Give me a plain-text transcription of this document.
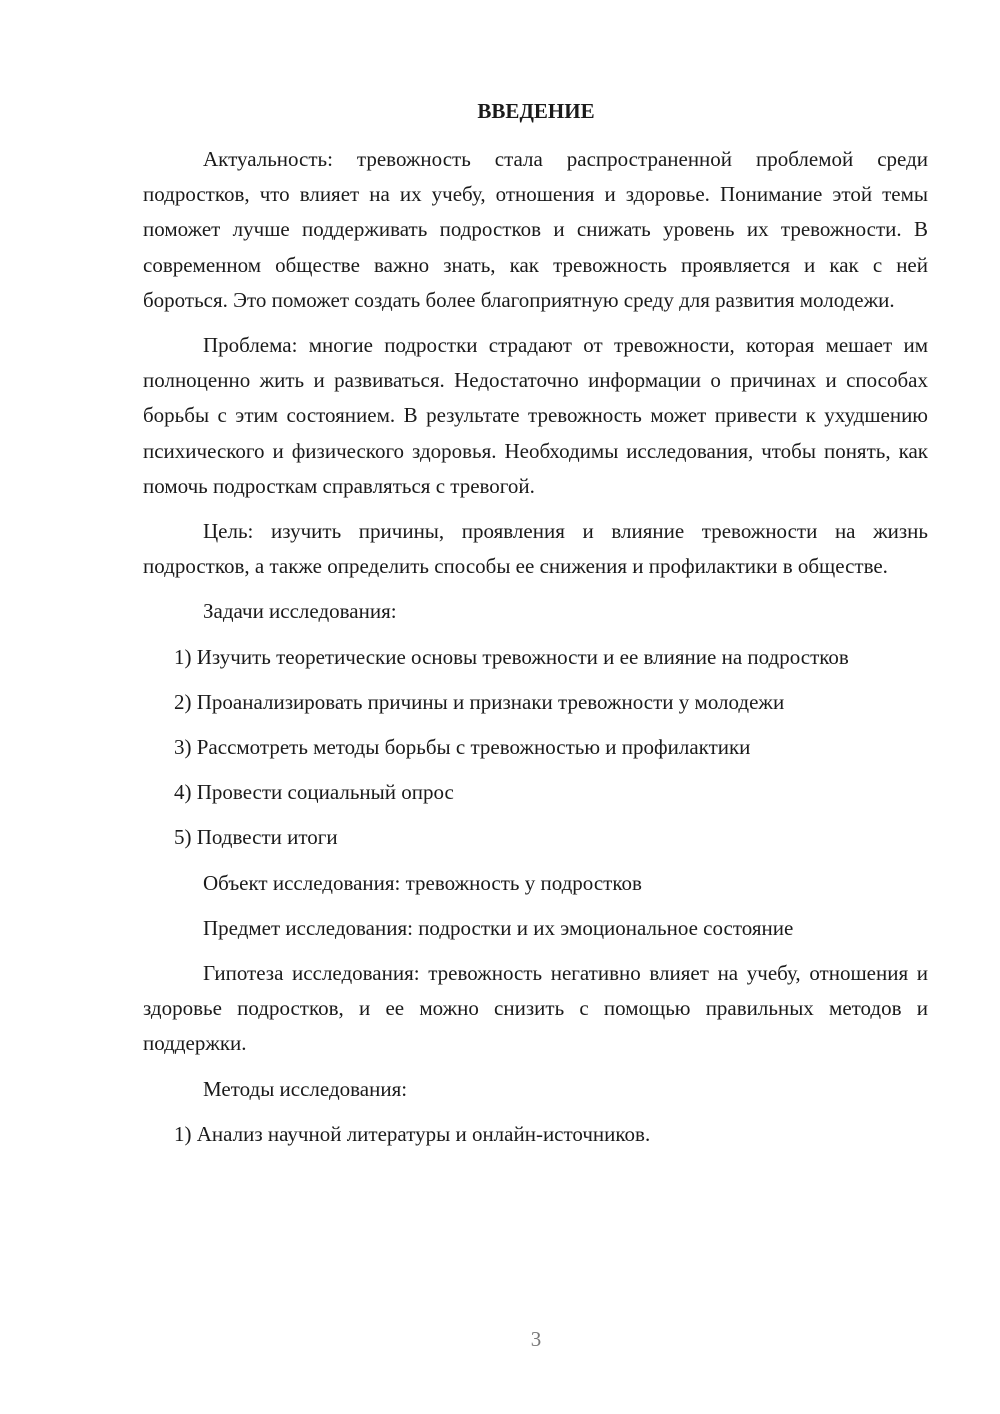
ВВЕДЕНИЕ

Актуальность: тревожность стала распространенной проблемой среди подростков, что влияет на их учебу, отношения и здоровье. Понимание этой темы поможет лучше поддерживать подростков и снижать уровень их тревожности. В современном обществе важно знать, как тревожность проявляется и как с ней бороться. Это поможет создать более благоприятную среду для развития молодежи.

Проблема: многие подростки страдают от тревожности, которая мешает им полноценно жить и развиваться. Недостаточно информации о причинах и способах борьбы с этим состоянием. В результате тревожность может привести к ухудшению психического и физического здоровья. Необходимы исследования, чтобы понять, как помочь подросткам справляться с тревогой.

Цель: изучить причины, проявления и влияние тревожности на жизнь подростков, а также определить способы ее снижения и профилактики в обществе.

Задачи исследования:

1) Изучить теоретические основы тревожности и ее влияние на подростков

2) Проанализировать причины и признаки тревожности у молодежи

3) Рассмотреть методы борьбы с тревожностью и профилактики

4) Провести социальный опрос

5) Подвести итоги

Объект исследования: тревожность у подростков

Предмет исследования: подростки и их эмоциональное состояние

Гипотеза исследования: тревожность негативно влияет на учебу, отношения и здоровье подростков, и ее можно снизить с помощью правильных методов и поддержки.

Методы исследования:

1) Анализ научной литературы и онлайн-источников.

3
